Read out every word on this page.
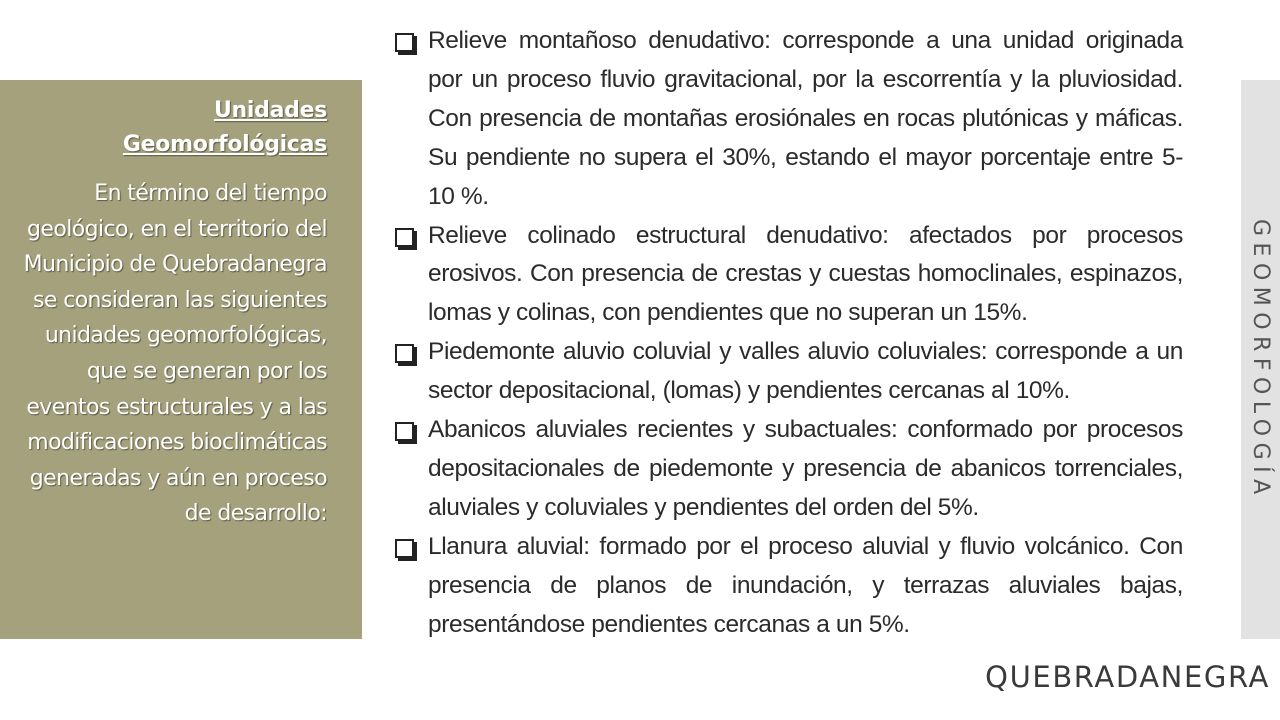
Unidades Geomorfológicas
En término del tiempo geológico, en el territorio del Municipio de Quebradanegra se consideran las siguientes unidades geomorfológicas, que se generan por los eventos estructurales y a las modificaciones bioclimáticas generadas y aún en proceso de desarrollo:
Relieve montañoso denudativo: corresponde a una unidad originada por un proceso fluvio gravitacional, por la escorrentía y la pluviosidad. Con presencia de montañas erosiónales en rocas plutónicas y máficas. Su pendiente no supera el 30%, estando el mayor porcentaje entre 5-10 %.
Relieve colinado estructural denudativo: afectados por procesos erosivos. Con presencia de crestas y cuestas homoclinales, espinazos, lomas y colinas, con pendientes que no superan un 15%.
Piedemonte aluvio coluvial y valles aluvio coluviales: corresponde a un sector depositacional, (lomas) y pendientes cercanas al 10%.
Abanicos aluviales recientes y subactuales: conformado por procesos depositacionales de piedemonte y presencia de abanicos torrenciales, aluviales y coluviales y pendientes del orden del 5%.
Llanura aluvial: formado por el proceso aluvial y fluvio volcánico. Con presencia de planos de inundación, y terrazas aluviales bajas, presentándose pendientes cercanas a un 5%.
GEOMORFOLOGÍA
QUEBRADANEGRA
